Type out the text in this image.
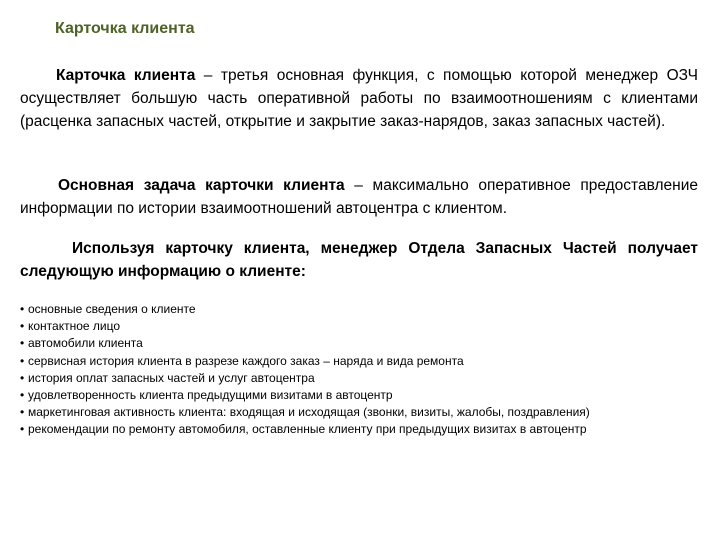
Карточка клиента
Карточка клиента – третья основная функция, с помощью которой менеджер ОЗЧ осуществляет большую часть оперативной работы по взаимоотношениям с клиентами (расценка запасных частей, открытие и закрытие заказ-нарядов, заказ запасных частей).
Основная задача карточки клиента – максимально оперативное предоставление информации по истории взаимоотношений автоцентра с клиентом.
Используя карточку клиента, менеджер Отдела Запасных Частей получает следующую информацию о клиенте:
• основные сведения о клиенте
• контактное лицо
• автомобили клиента
• сервисная история клиента в разрезе каждого заказ – наряда и вида ремонта
• история оплат запасных частей и услуг автоцентра
• удовлетворенность клиента предыдущими визитами в автоцентр
• маркетинговая активность клиента: входящая и исходящая (звонки, визиты, жалобы, поздравления)
• рекомендации по ремонту автомобиля, оставленные клиенту при предыдущих визитах в автоцентр
